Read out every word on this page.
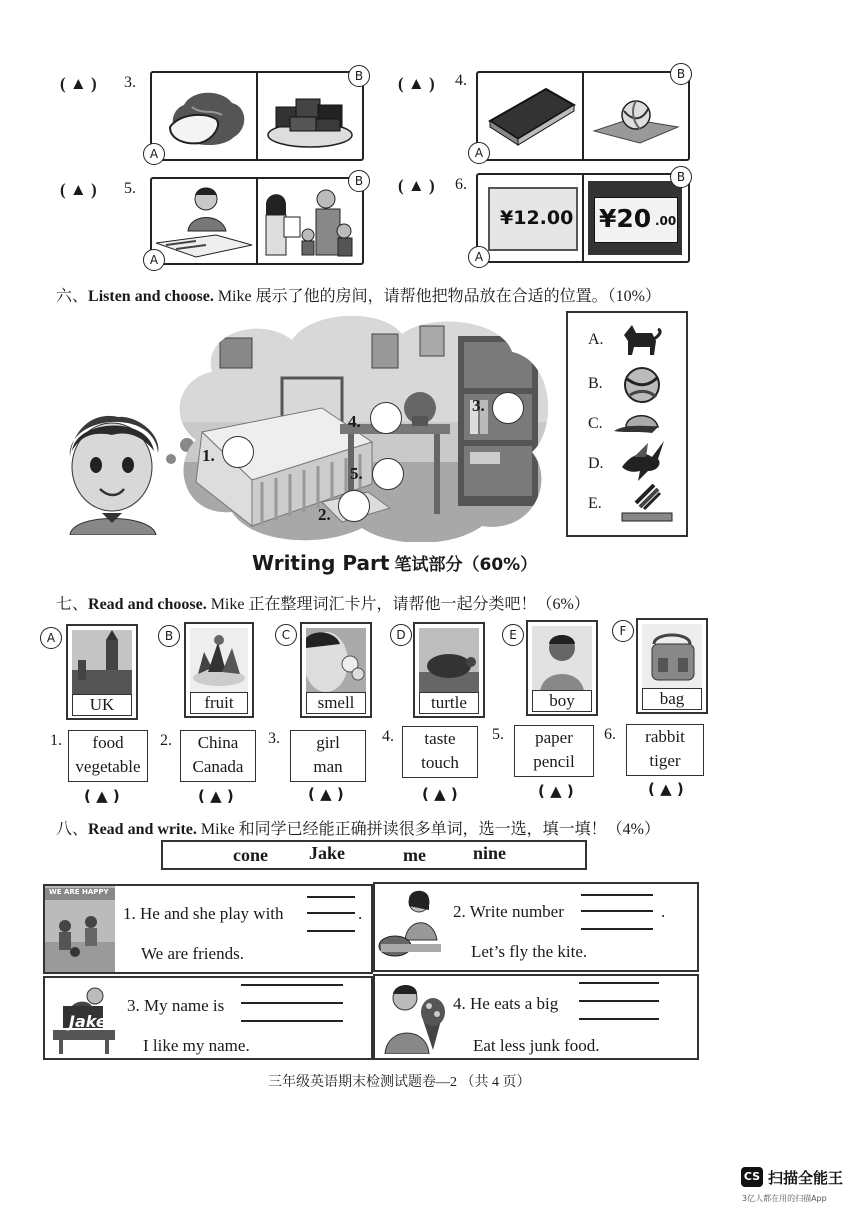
( ▲ ) 3.
A
B	( ▲ ) 4.
A
B
( ▲ ) 5.
A
B	( ▲ ) 6.
¥12.00 ¥20 .00
A
B
六、Listen and choose. Mike 展示了他的房间，请帮他把物品放在合适的位置。（10%）
1.
2.
3.
4.
5.
A.
B.
C.
D.
E.
Writing Part 笔试部分（60%）
七、Read and choose. Mike 正在整理词汇卡片，请帮他一起分类吧！（6%）
A
UK
B
fruit
C
smell
D
turtle
E
boy
F
bag
1.	food
vegetable
( ▲ )
2.	China
Canada
( ▲ )
3.	girl
man
( ▲ )
4.	taste
touch
( ▲ )
5.	paper
pencil
( ▲ )
6.	rabbit
tiger
( ▲ )
八、Read and write. Mike 和同学已经能正确拼读很多单词，选一选，填一填！（4%）
cone Jake	me	nine
WE ARE HAPPY
1. He and she play with	.
We are friends.
2. Write number	.
Let’s fly the kite.
Jake
3. My name is
I like my name.
4. He eats a big
Eat less junk food.
三年级英语期末检测试题卷—2 （共 4 页）
CS 扫描全能王
3亿人都在用的扫描App
